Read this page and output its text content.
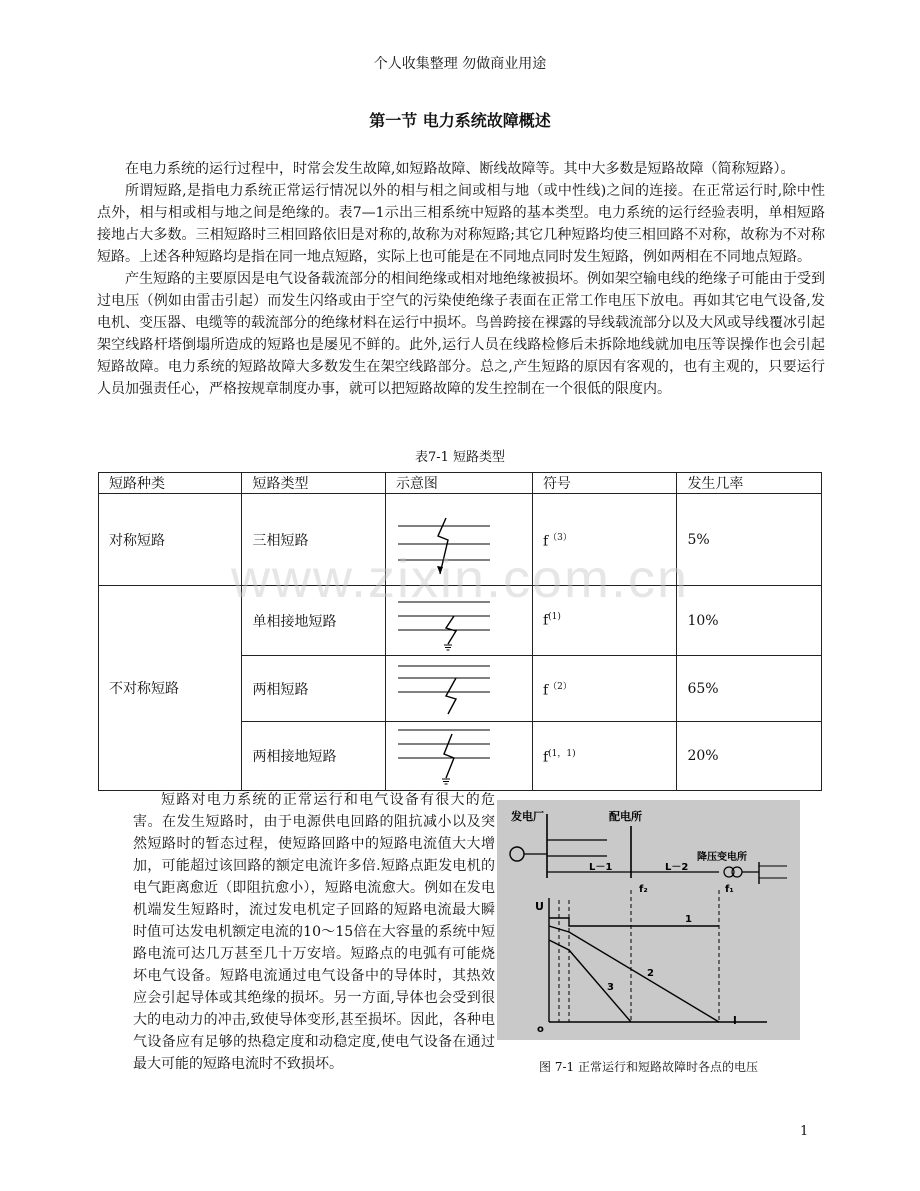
个人收集整理 勿做商业用途
第一节 电力系统故障概述

在电力系统的运行过程中，时常会发生故障,如短路故障、断线故障等。其中大多数是短路故障（简称短路）。

所谓短路,是指电力系统正常运行情况以外的相与相之间或相与地（或中性线)之间的连接。在正常运行时,除中性点外，相与相或相与地之间是绝缘的。表7—1示出三相系统中短路的基本类型。电力系统的运行经验表明，单相短路接地占大多数。三相短路时三相回路依旧是对称的,故称为对称短路;其它几种短路均使三相回路不对称，故称为不对称短路。上述各种短路均是指在同一地点短路，实际上也可能是在不同地点同时发生短路，例如两相在不同地点短路。

产生短路的主要原因是电气设备载流部分的相间绝缘或相对地绝缘被损坏。例如架空输电线的绝缘子可能由于受到过电压（例如由雷击引起）而发生闪络或由于空气的污染使绝缘子表面在正常工作电压下放电。再如其它电气设备,发电机、变压器、电缆等的载流部分的绝缘材料在运行中损坏。鸟兽跨接在裸露的导线载流部分以及大风或导线覆冰引起架空线路杆塔倒塌所造成的短路也是屡见不鲜的。此外,运行人员在线路检修后未拆除地线就加电压等误操作也会引起短路故障。电力系统的短路故障大多数发生在架空线路部分。总之,产生短路的原因有客观的，也有主观的，只要运行人员加强责任心，严格按规章制度办事，就可以把短路故障的发生控制在一个很低的限度内。

表7-1 短路类型
短路种类	短路类型	示意图	符号	发生几率
对称短路	三相短路		$f^{(3)}$	5%
不对称短路	单相接地短路		$f^{(1)}$	10%
	两相短路		$f^{(2)}$	65%
	两相接地短路		$f^{(1,1)}$	20%
www.zixin.com.cn

短路对电力系统的正常运行和电气设备有很大的危害。在发生短路时，由于电源供电回路的阻抗减小以及突然短路时的暂态过程，使短路回路中的短路电流值大大增加，可能超过该回路的额定电流许多倍.短路点距发电机的电气距离愈近（即阻抗愈小），短路电流愈大。例如在发电机端发生短路时，流过发电机定子回路的短路电流最大瞬时值可达发电机额定电流的10～15倍在大容量的系统中短路电流可达几万甚至几十万安培。短路点的电弧有可能烧坏电气设备。短路电流通过电气设备中的导体时，其热效应会引起导体或其绝缘的损坏。另一方面,导体也会受到很大的电动力的冲击,致使导体变形,甚至损坏。因此，各种电气设备应有足够的热稳定度和动稳定度,使电气设备在通过最大可能的短路电流时不致损坏。

发电厂	配电所
降压变电所
L－1	L－2
f₂	f₁
U
o
l
1
2
3
图 7-1 正常运行和短路故障时各点的电压
1
